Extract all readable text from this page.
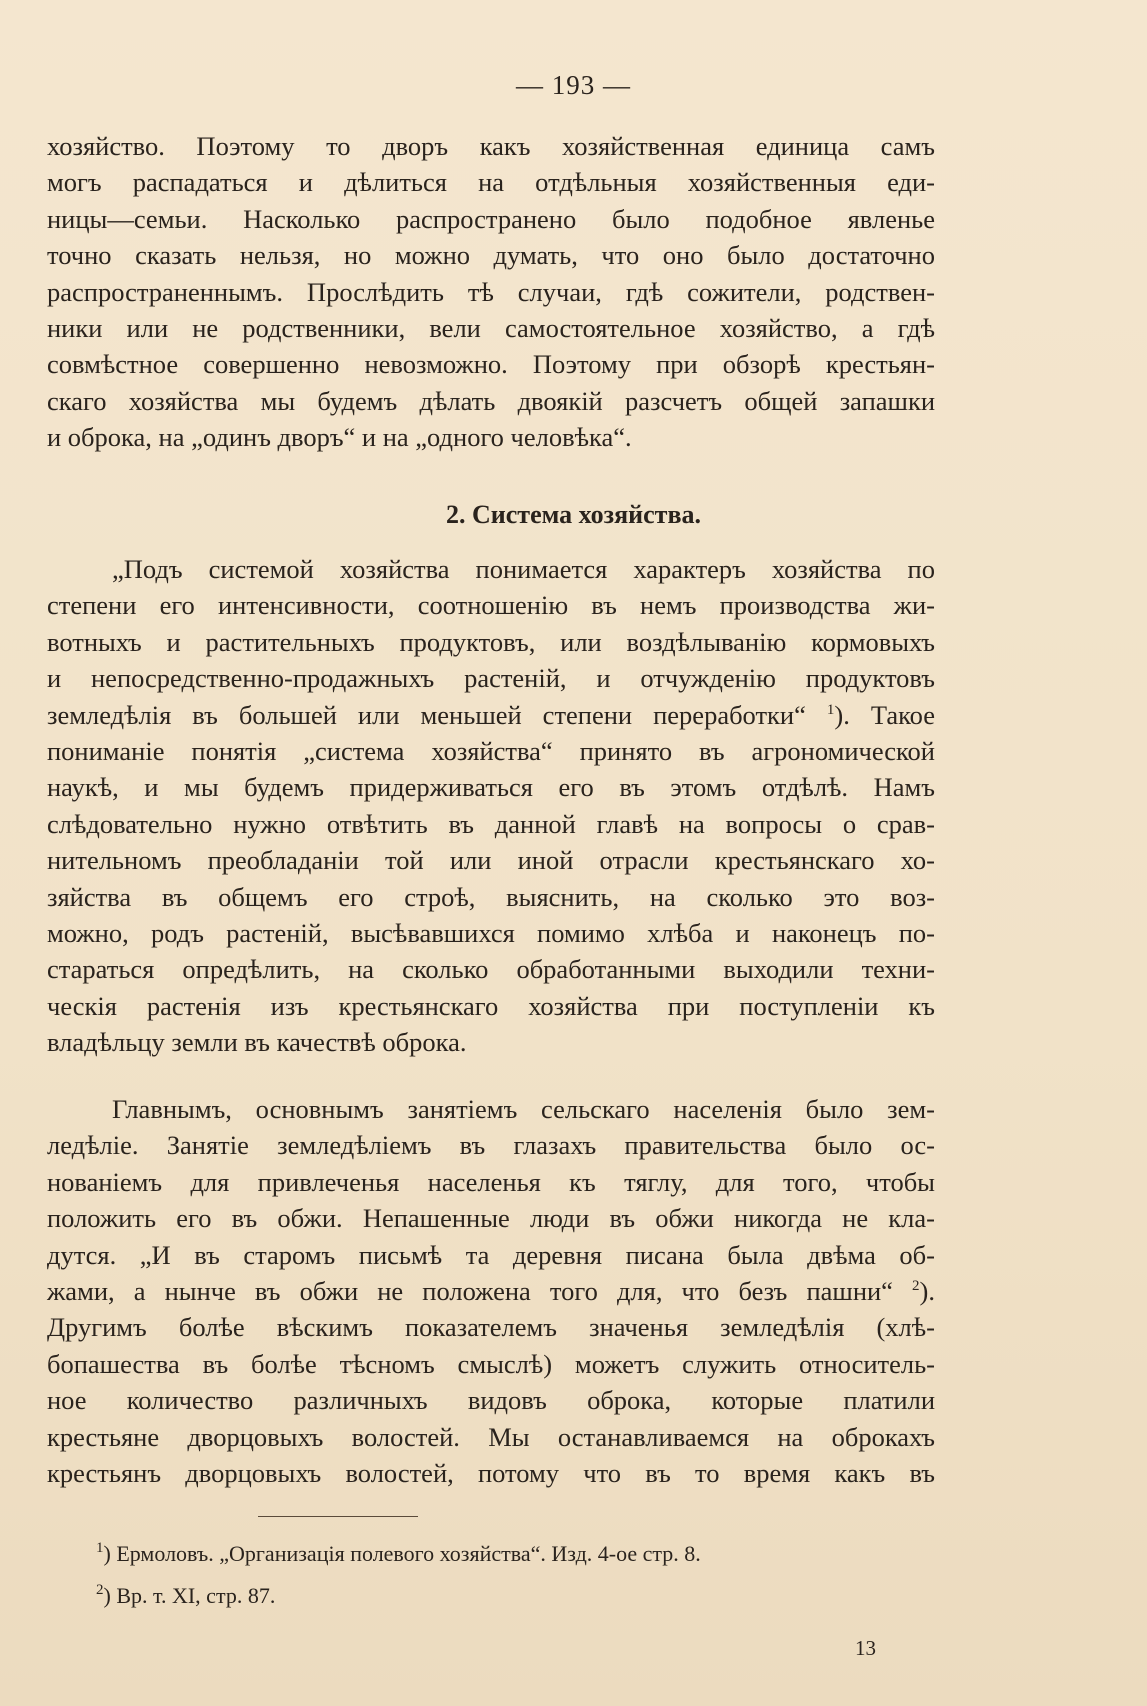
— 193 —
хозяйство. Поэтому то дворъ какъ хозяйственная единица самъ
могъ распадаться и дѣлиться на отдѣльныя хозяйственныя еди-
ницы—семьи. Насколько распространено было подобное явленье
точно сказать нельзя, но можно думать, что оно было достаточно
распространеннымъ. Прослѣдить тѣ случаи, гдѣ сожители, родствен-
ники или не родственники, вели самостоятельное хозяйство, а гдѣ
совмѣстное совершенно невозможно. Поэтому при обзорѣ крестьян-
скаго хозяйства мы будемъ дѣлать двоякій разсчетъ общей запашки
и оброка, на „одинъ дворъ“ и на „одного человѣка“.
2. Система хозяйства.
„Подъ системой хозяйства понимается характеръ хозяйства по
степени его интенсивности, соотношенію въ немъ производства жи-
вотныхъ и растительныхъ продуктовъ, или воздѣлыванію кормовыхъ
и непосредственно-продажныхъ растеній, и отчужденію продуктовъ
земледѣлія въ большей или меньшей степени переработки“ $^1$). Такое
пониманіе понятія „система хозяйства“ принято въ агрономической
наукѣ, и мы будемъ придерживаться его въ этомъ отдѣлѣ. Намъ
слѣдовательно нужно отвѣтить въ данной главѣ на вопросы о срав-
нительномъ преобладаніи той или иной отрасли крестьянскаго хо-
зяйства въ общемъ его строѣ, выяснить, на сколько это воз-
можно, родъ растеній, высѣвавшихся помимо хлѣба и наконецъ по-
стараться опредѣлить, на сколько обработанными выходили техни-
ческія растенія изъ крестьянскаго хозяйства при поступленіи къ
владѣльцу земли въ качествѣ оброка.
Главнымъ, основнымъ занятіемъ сельскаго населенія было зем-
ледѣліе. Занятіе земледѣліемъ въ глазахъ правительства было ос-
нованіемъ для привлеченья населенья къ тяглу, для того, чтобы
положить его въ обжи. Непашенные люди въ обжи никогда не кла-
дутся. „И въ старомъ письмѣ та деревня писана была двѣма об-
жами, а нынче въ обжи не положена того для, что безъ пашни“ $^2$).
Другимъ болѣе вѣскимъ показателемъ значенья земледѣлія (хлѣ-
бопашества въ болѣе тѣсномъ смыслѣ) можетъ служить относитель-
ное количество различныхъ видовъ оброка, которые платили
крестьяне дворцовыхъ волостей. Мы останавливаемся на оброкахъ
крестьянъ дворцовыхъ волостей, потому что въ то время какъ въ
$^1$) Ермоловъ. „Организація полевого хозяйства“. Изд. 4-ое стр. 8.
$^2$) Вр. т. XI, стр. 87.
13
